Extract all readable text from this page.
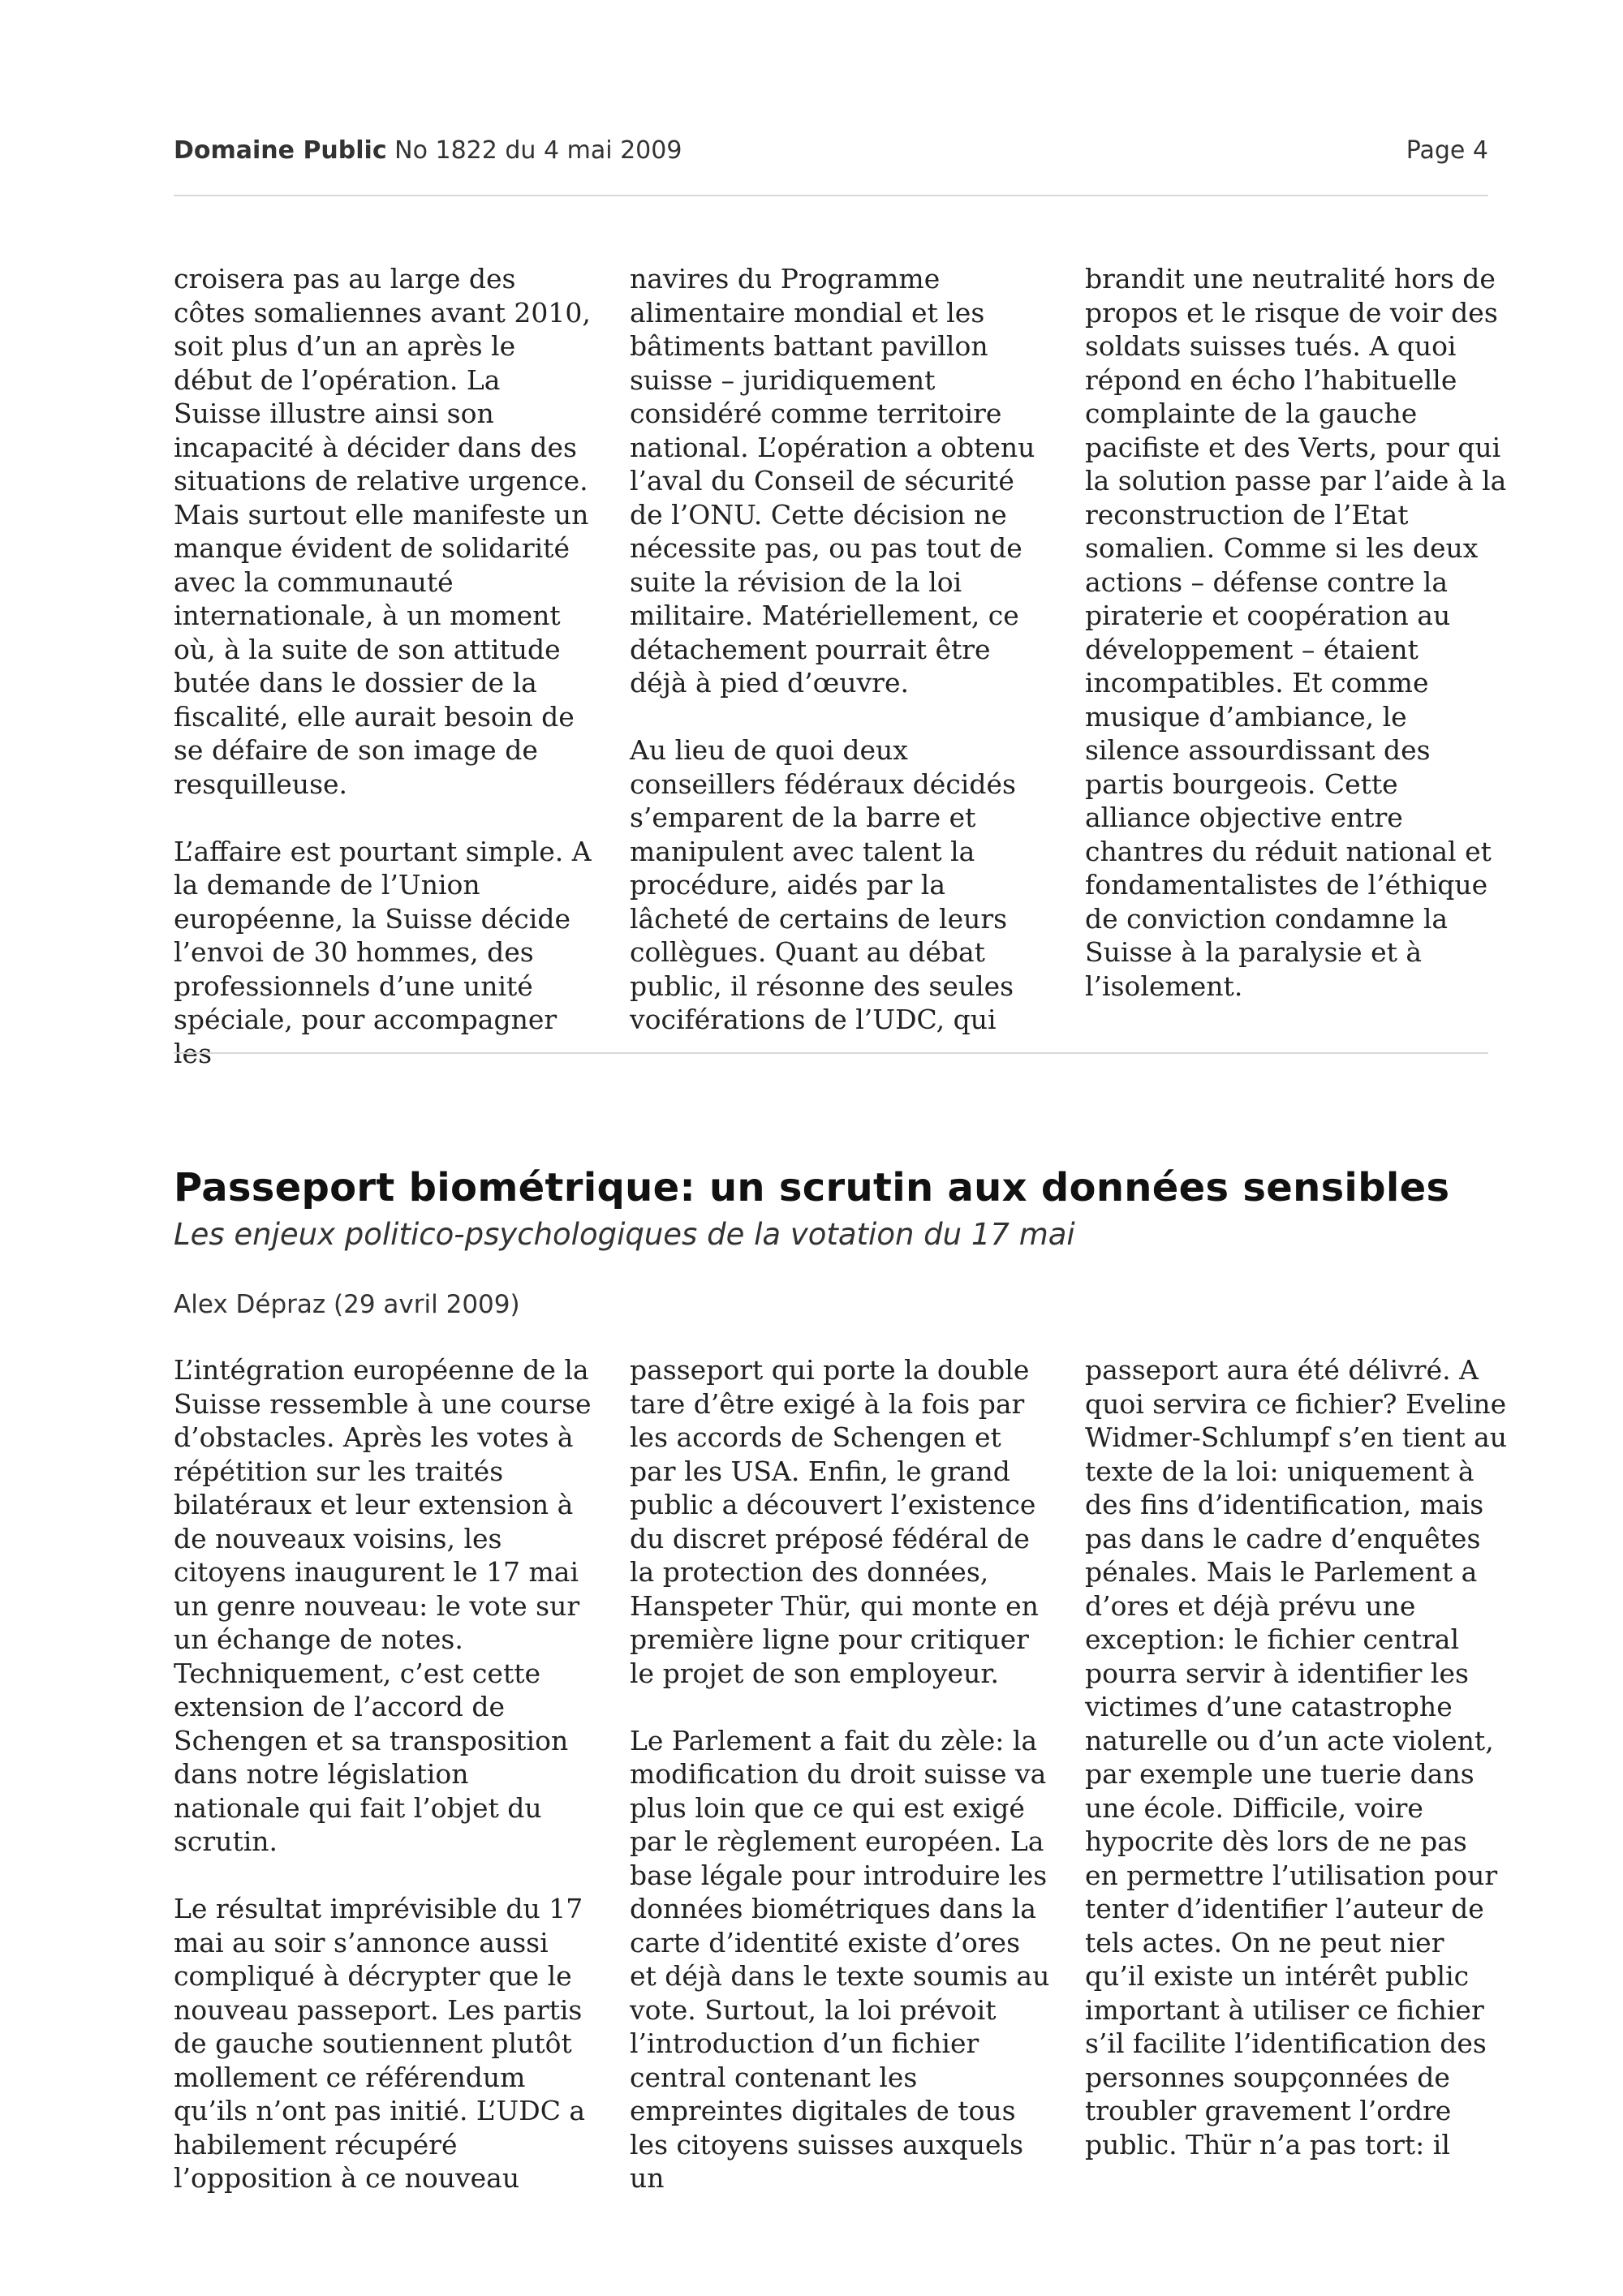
Domaine Public No 1822 du 4 mai 2009	Page 4

croisera pas au large des côtes somaliennes avant 2010, soit plus d’un an après le début de l’opération. La Suisse illustre ainsi son incapacité à décider dans des situations de relative urgence. Mais surtout elle manifeste un manque évident de solidarité avec la communauté internationale, à un moment où, à la suite de son attitude butée dans le dossier de la fiscalité, elle aurait besoin de se défaire de son image de resquilleuse.

L’affaire est pourtant simple. A la demande de l’Union européenne, la Suisse décide l’envoi de 30 hommes, des professionnels d’une unité spéciale, pour accompagner les

navires du Programme alimentaire mondial et les bâtiments battant pavillon suisse – juridiquement considéré comme territoire national. L’opération a obtenu l’aval du Conseil de sécurité de l’ONU. Cette décision ne nécessite pas, ou pas tout de suite la révision de la loi militaire. Matériellement, ce détachement pourrait être déjà à pied d’œuvre.

Au lieu de quoi deux conseillers fédéraux décidés s’emparent de la barre et manipulent avec talent la procédure, aidés par la lâcheté de certains de leurs collègues. Quant au débat public, il résonne des seules vociférations de l’UDC, qui

brandit une neutralité hors de propos et le risque de voir des soldats suisses tués. A quoi répond en écho l’habituelle complainte de la gauche pacifiste et des Verts, pour qui la solution passe par l’aide à la reconstruction de l’Etat somalien. Comme si les deux actions – défense contre la piraterie et coopération au développement – étaient incompatibles. Et comme musique d’ambiance, le silence assourdissant des partis bourgeois. Cette alliance objective entre chantres du réduit national et fondamentalistes de l’éthique de conviction condamne la Suisse à la paralysie et à l’isolement.

Passeport biométrique: un scrutin aux données sensibles
Les enjeux politico-psychologiques de la votation du 17 mai
Alex Dépraz (29 avril 2009)

L’intégration européenne de la Suisse ressemble à une course d’obstacles. Après les votes à répétition sur les traités bilatéraux et leur extension à de nouveaux voisins, les citoyens inaugurent le 17 mai un genre nouveau: le vote sur un échange de notes. Techniquement, c’est cette extension de l’accord de Schengen et sa transposition dans notre législation nationale qui fait l’objet du scrutin.

Le résultat imprévisible du 17 mai au soir s’annonce aussi compliqué à décrypter que le nouveau passeport. Les partis de gauche soutiennent plutôt mollement ce référendum qu’ils n’ont pas initié. L’UDC a habilement récupéré l’opposition à ce nouveau

passeport qui porte la double tare d’être exigé à la fois par les accords de Schengen et par les USA. Enfin, le grand public a découvert l’existence du discret préposé fédéral de la protection des données, Hanspeter Thür, qui monte en première ligne pour critiquer le projet de son employeur.

Le Parlement a fait du zèle: la modification du droit suisse va plus loin que ce qui est exigé par le règlement européen. La base légale pour introduire les données biométriques dans la carte d’identité existe d’ores et déjà dans le texte soumis au vote. Surtout, la loi prévoit l’introduction d’un fichier central contenant les empreintes digitales de tous les citoyens suisses auxquels un

passeport aura été délivré. A quoi servira ce fichier? Eveline Widmer-Schlumpf s’en tient au texte de la loi: uniquement à des fins d’identification, mais pas dans le cadre d’enquêtes pénales. Mais le Parlement a d’ores et déjà prévu une exception: le fichier central pourra servir à identifier les victimes d’une catastrophe naturelle ou d’un acte violent, par exemple une tuerie dans une école. Difficile, voire hypocrite dès lors de ne pas en permettre l’utilisation pour tenter d’identifier l’auteur de tels actes. On ne peut nier qu’il existe un intérêt public important à utiliser ce fichier s’il facilite l’identification des personnes soupçonnées de troubler gravement l’ordre public. Thür n’a pas tort: il
